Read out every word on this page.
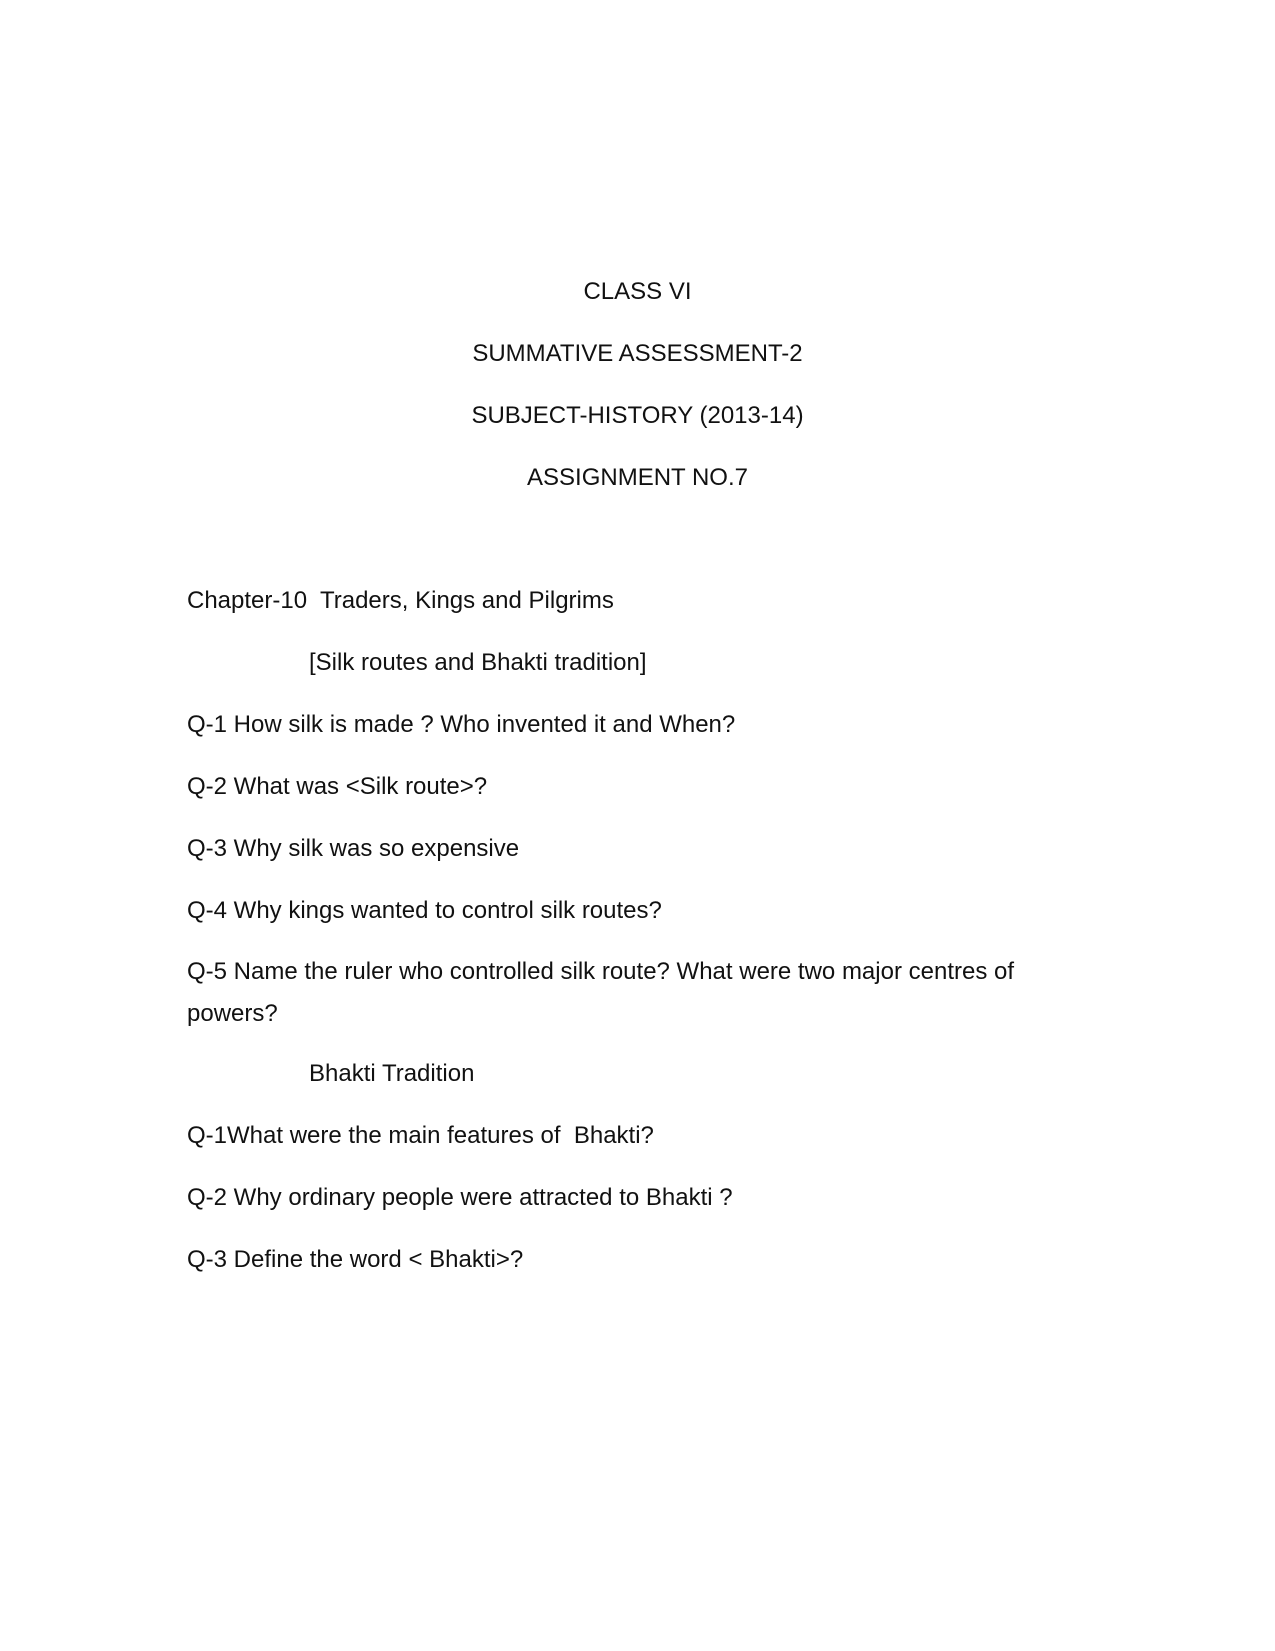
CLASS VI
SUMMATIVE ASSESSMENT-2
SUBJECT-HISTORY (2013-14)
ASSIGNMENT NO.7
Chapter-10  Traders, Kings and Pilgrims
[Silk routes and Bhakti tradition]
Q-1 How silk is made ? Who invented it and When?
Q-2 What was <Silk route>?
Q-3 Why silk was so expensive
Q-4 Why kings wanted to control silk routes?
Q-5 Name the ruler who controlled silk route? What were two major centres of powers?
Bhakti Tradition
Q-1What were the main features of  Bhakti?
Q-2 Why ordinary people were attracted to Bhakti ?
Q-3 Define the word < Bhakti>?
